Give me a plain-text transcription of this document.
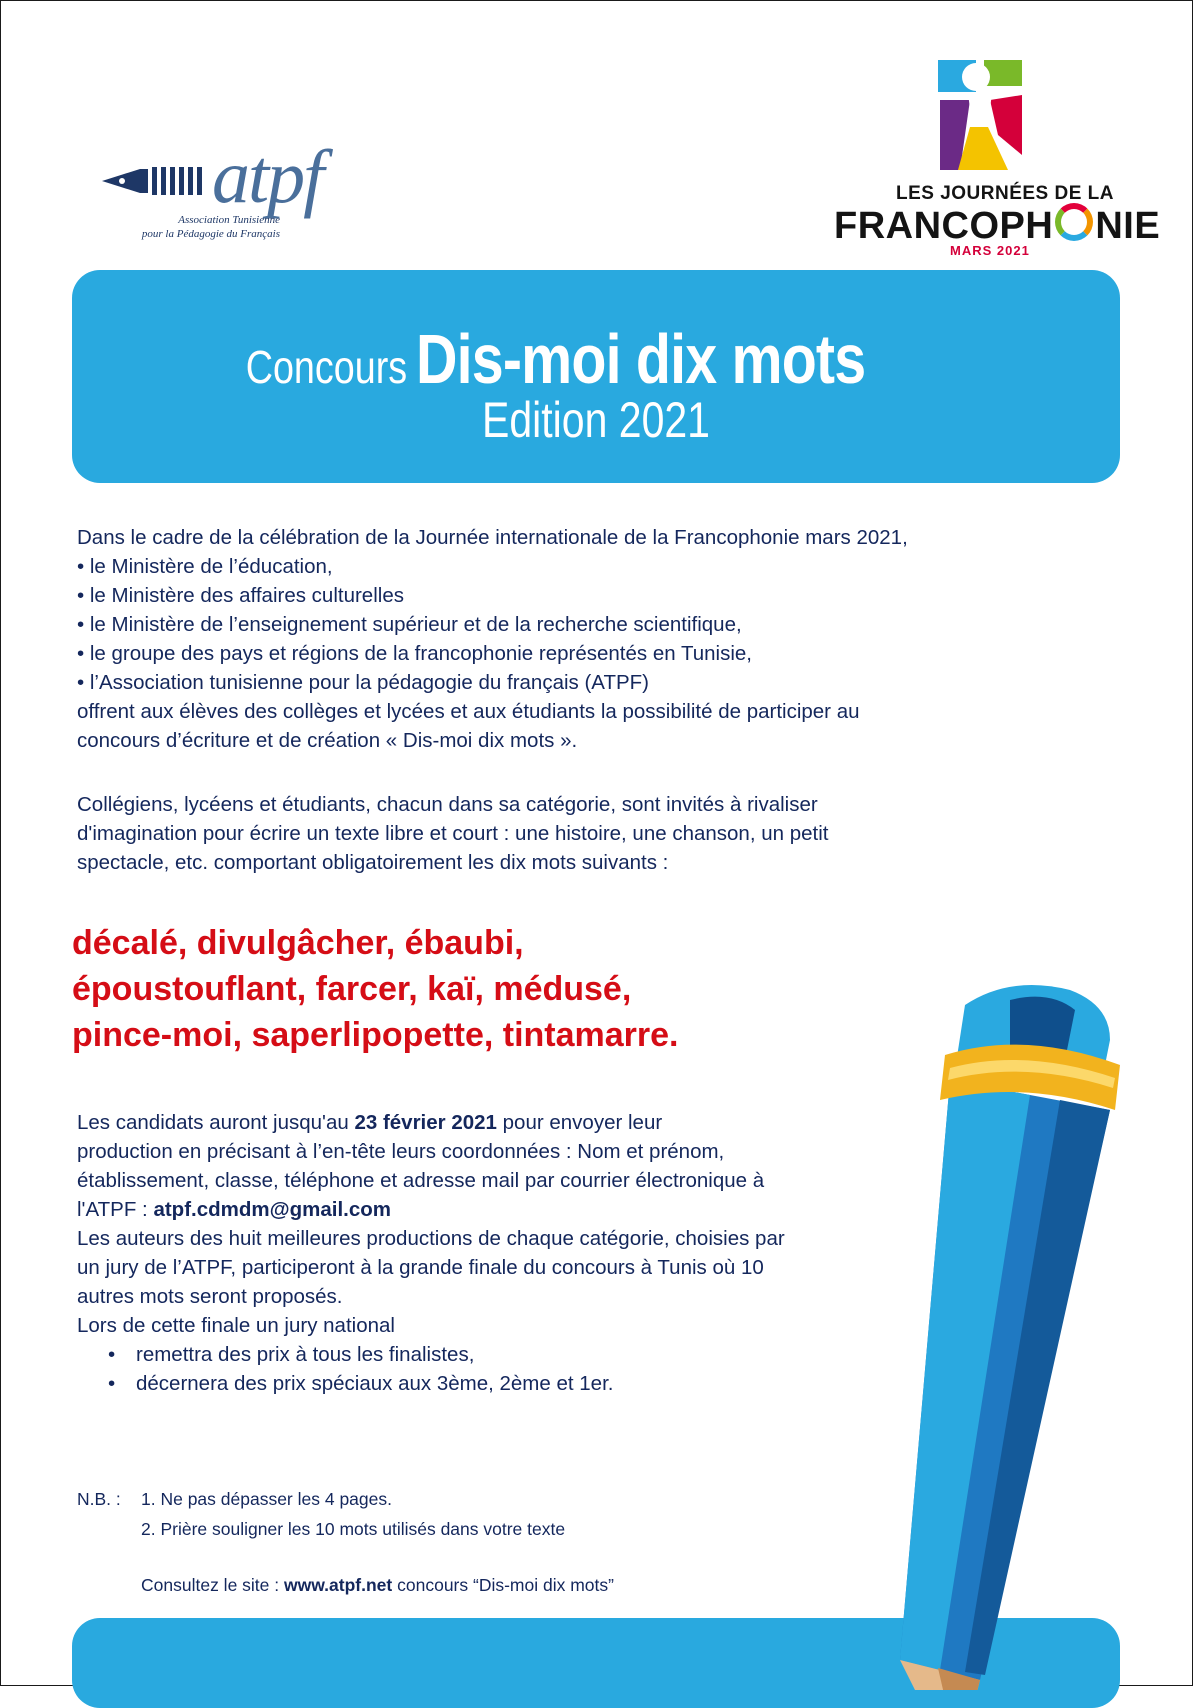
atpf
Association Tunisienne
pour la Pédagogie du Français
LES JOURNÉES DE LA
FRANCOPH NIE
MARS 2021
Concours Dis-moi dix mots
Edition 2021
Dans le cadre de la célébration de la Journée internationale de la Francophonie mars 2021,
• le Ministère de l’éducation,
• le Ministère des affaires culturelles
• le Ministère de l’enseignement supérieur et de la recherche scientifique,
• le groupe des pays et régions de la francophonie représentés en Tunisie,
• l’Association tunisienne pour la pédagogie du français (ATPF)
offrent aux élèves des collèges et lycées et aux étudiants la possibilité de participer au
concours d’écriture et de création « Dis-moi dix mots ».
Collégiens, lycéens et étudiants, chacun dans sa catégorie, sont invités à rivaliser
d'imagination pour écrire un texte libre et court : une histoire, une chanson, un petit
spectacle, etc. comportant obligatoirement les dix mots suivants :
décalé, divulgâcher, ébaubi,
époustouflant, farcer, kaï, médusé,
pince-moi, saperlipopette, tintamarre.
Les candidats auront jusqu'au 23 février 2021 pour envoyer leur
production en précisant à l’en-tête leurs coordonnées : Nom et prénom,
établissement, classe, téléphone et adresse mail par courrier électronique à
l'ATPF : atpf.cdmdm@gmail.com
Les auteurs des huit meilleures productions de chaque catégorie, choisies par
un jury de l’ATPF, participeront à la grande finale du concours à Tunis où 10
autres mots seront proposés.
Lors de cette finale un jury national
• remettra des prix à tous les finalistes,
• décernera des prix spéciaux aux 3ème, 2ème et 1er.
N.B. : 1. Ne pas dépasser les 4 pages.
2. Prière souligner les 10 mots utilisés dans votre texte
Consultez le site : www.atpf.net concours “Dis-moi dix mots”
